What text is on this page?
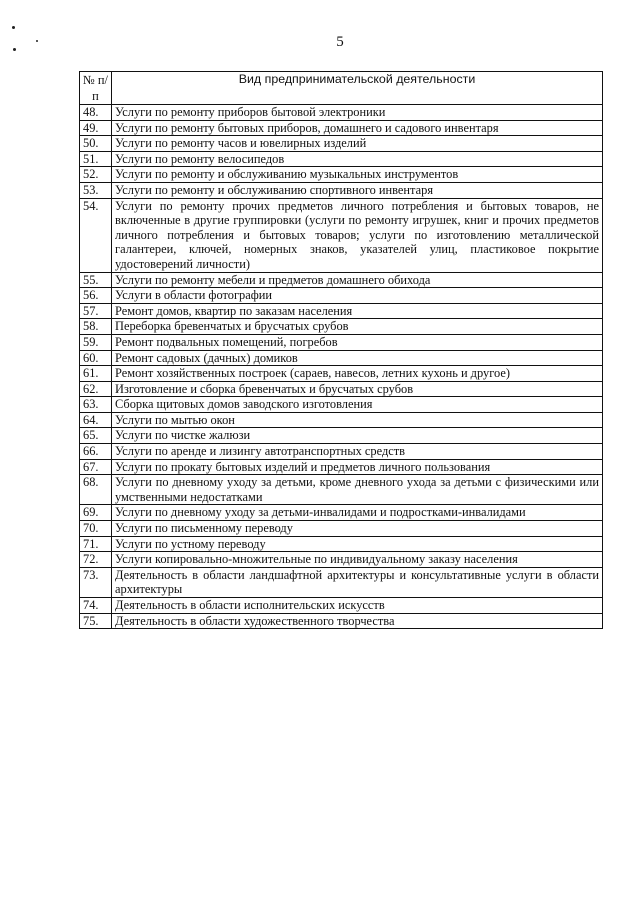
5
№ п/п	Вид предпринимательской деятельности
48.	Услуги по ремонту приборов бытовой электроники
49.	Услуги по ремонту бытовых приборов, домашнего и садового инвентаря
50.	Услуги по ремонту часов и ювелирных изделий
51.	Услуги по ремонту велосипедов
52.	Услуги по ремонту и обслуживанию музыкальных инструментов
53.	Услуги по ремонту и обслуживанию спортивного инвентаря
54.	Услуги по ремонту прочих предметов личного потребления и бытовых товаров, не включенные в другие группировки (услуги по ремонту игрушек, книг и прочих предметов личного потребления и бытовых товаров; услуги по изготовлению металлической галантереи, ключей, номерных знаков, указателей улиц, пластиковое покрытие удостоверений личности)
55.	Услуги по ремонту мебели и предметов домашнего обихода
56.	Услуги в области фотографии
57.	Ремонт домов, квартир по заказам населения
58.	Переборка бревенчатых и брусчатых срубов
59.	Ремонт подвальных помещений, погребов
60.	Ремонт садовых (дачных) домиков
61.	Ремонт хозяйственных построек (сараев, навесов, летних кухонь и другое)
62.	Изготовление и сборка бревенчатых и брусчатых срубов
63.	Сборка щитовых домов заводского изготовления
64.	Услуги по мытью окон
65.	Услуги по чистке жалюзи
66.	Услуги по аренде и лизингу автотранспортных средств
67.	Услуги по прокату бытовых изделий и предметов личного пользования
68.	Услуги по дневному уходу за детьми, кроме дневного ухода за детьми с физическими или умственными недостатками
69.	Услуги по дневному уходу за детьми-инвалидами и подростками-инвалидами
70.	Услуги по письменному переводу
71.	Услуги по устному переводу
72.	Услуги копировально-множительные по индивидуальному заказу населения
73.	Деятельность в области ландшафтной архитектуры и консультативные услуги в области архитектуры
74.	Деятельность в области исполнительских искусств
75.	Деятельность в области художественного творчества
